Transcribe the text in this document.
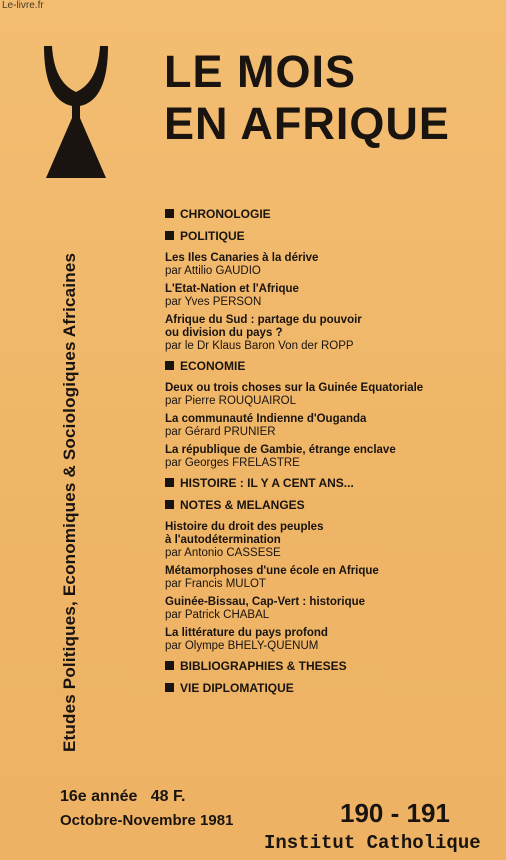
Le-livre.fr
LE MOIS
EN AFRIQUE
Etudes Politiques, Economiques & Sociologiques Africaines
CHRONOLOGIE
POLITIQUE
Les Iles Canaries à la dérive
par Attilio GAUDIO
L'Etat-Nation et l'Afrique
par Yves PERSON
Afrique du Sud : partage du pouvoir
ou division du pays ?
par le Dr Klaus Baron Von der ROPP
ECONOMIE
Deux ou trois choses sur la Guinée Equatoriale
par Pierre ROUQUAIROL
La communauté Indienne d'Ouganda
par Gérard PRUNIER
La république de Gambie, étrange enclave
par Georges FRELASTRE
HISTOIRE : IL Y A CENT ANS...
NOTES & MELANGES
Histoire du droit des peuples
à l'autodétermination
par Antonio CASSESE
Métamorphoses d'une école en Afrique
par Francis MULOT
Guinée-Bissau, Cap-Vert : historique
par Patrick CHABAL
La littérature du pays profond
par Olympe BHELY-QUENUM
BIBLIOGRAPHIES & THESES
VIE DIPLOMATIQUE
16e année 48 F.
Octobre-Novembre 1981	190 - 191
Institut Catholique
